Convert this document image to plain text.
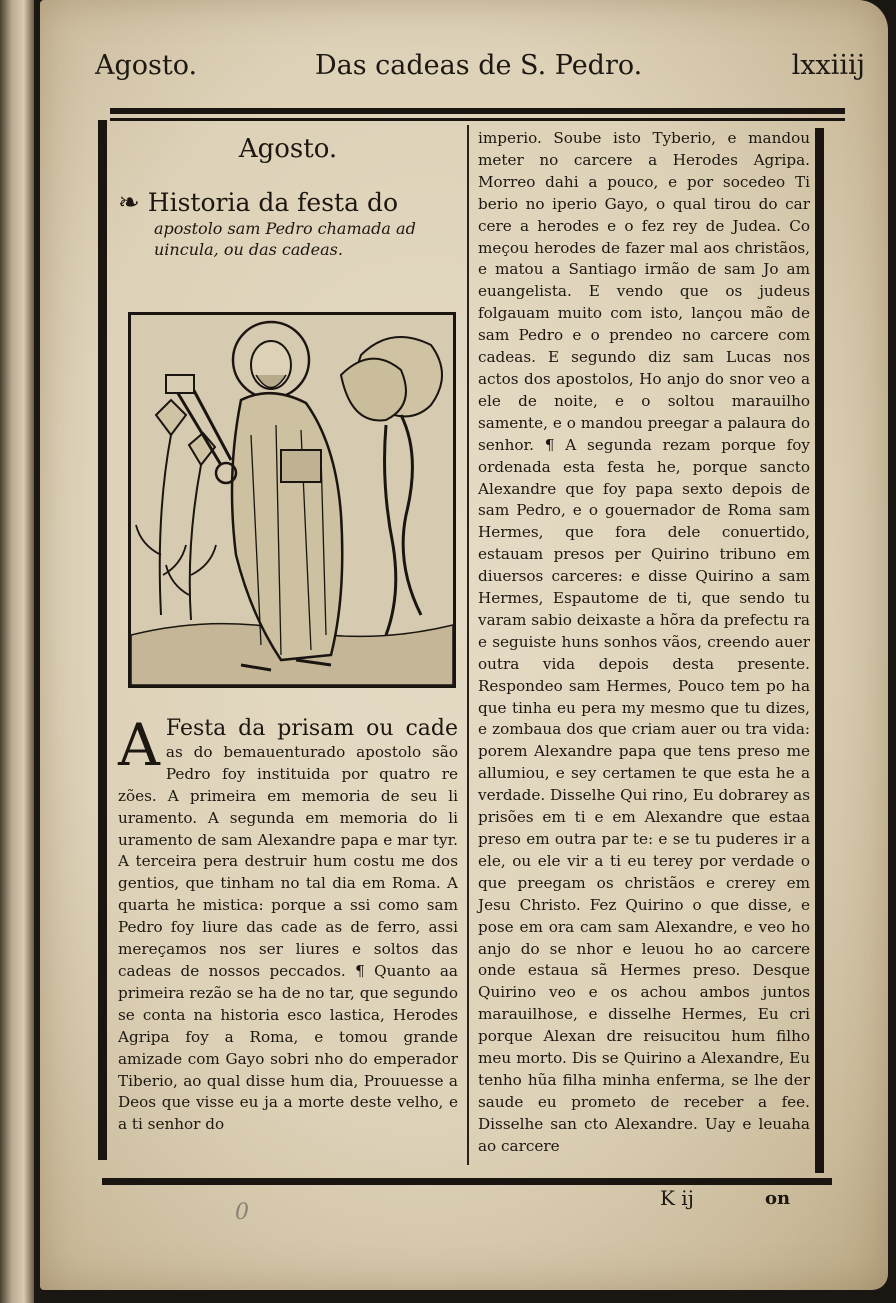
Agosto.	Das cadeas de S. Pedro.	lxxiiij
Agosto.
❧ Historia da festa do
apostolo sam Pedro chamada ad uincula, ou das cadeas.

A Festa da prisam ou cade as do bemauenturado apostolo são Pedro foy instituida por quatro re zões. A primeira em memoria de seu li uramento. A segunda em memoria do li uramento de sam Alexandre papa e mar tyr. A terceira pera destruir hum costu me dos gentios, que tinham no tal dia em Roma. A quarta he mistica: porque a ssi como sam Pedro foy liure das cade as de ferro, assi mereçamos nos ser liures e soltos das cadeas de nossos peccados. ¶ Quanto aa primeira rezão se ha de no tar, que segundo se conta na historia esco lastica, Herodes Agripa foy a Roma, e tomou grande amizade com Gayo sobri nho do emperador Tiberio, ao qual disse hum dia, Prouuesse a Deos que visse eu ja a morte deste velho, e a ti senhor do

imperio. Soube isto Tyberio, e mandou meter no carcere a Herodes Agripa. Morreo dahi a pouco, e por socedeo Ti berio no iperio Gayo, o qual tirou do car cere a herodes e o fez rey de Judea. Co meçou herodes de fazer mal aos christãos, e matou a Santiago irmão de sam Jo am euangelista. E vendo que os judeus folgauam muito com isto, lançou mão de sam Pedro e o prendeo no carcere com cadeas. E segundo diz sam Lucas nos actos dos apostolos, Ho anjo do snor veo a ele de noite, e o soltou marauilho samente, e o mandou preegar a palaura do senhor. ¶ A segunda rezam porque foy ordenada esta festa he, porque sancto Alexandre que foy papa sexto depois de sam Pedro, e o gouernador de Roma sam Hermes, que fora dele conuertido, estauam presos per Quirino tribuno em diuersos carceres: e disse Quirino a sam Hermes, Espautome de ti, que sendo tu varam sabio deixaste a hõra da prefectu ra e seguiste huns sonhos vãos, creendo auer outra vida depois desta presente. Respondeo sam Hermes, Pouco tem po ha que tinha eu pera my mesmo que tu dizes, e zombaua dos que criam auer ou tra vida: porem Alexandre papa que tens preso me allumiou, e sey certamen te que esta he a verdade. Disselhe Qui rino, Eu dobrarey as prisões em ti e em Alexandre que estaa preso em outra par te: e se tu puderes ir a ele, ou ele vir a ti eu terey por verdade o que preegam os christãos e crerey em Jesu Christo. Fez Quirino o que disse, e pose em ora cam sam Alexandre, e veo ho anjo do se nhor e leuou ho ao carcere onde estaua sã Hermes preso. Desque Quirino veo e os achou ambos juntos marauilhose, e disselhe Hermes, Eu cri porque Alexan dre reisucitou hum filho meu morto. Dis se Quirino a Alexandre, Eu tenho hũa filha minha enferma, se lhe der saude eu prometo de receber a fee. Disselhe san cto Alexandre. Uay e leuaha ao carcere

K ij	on
0
